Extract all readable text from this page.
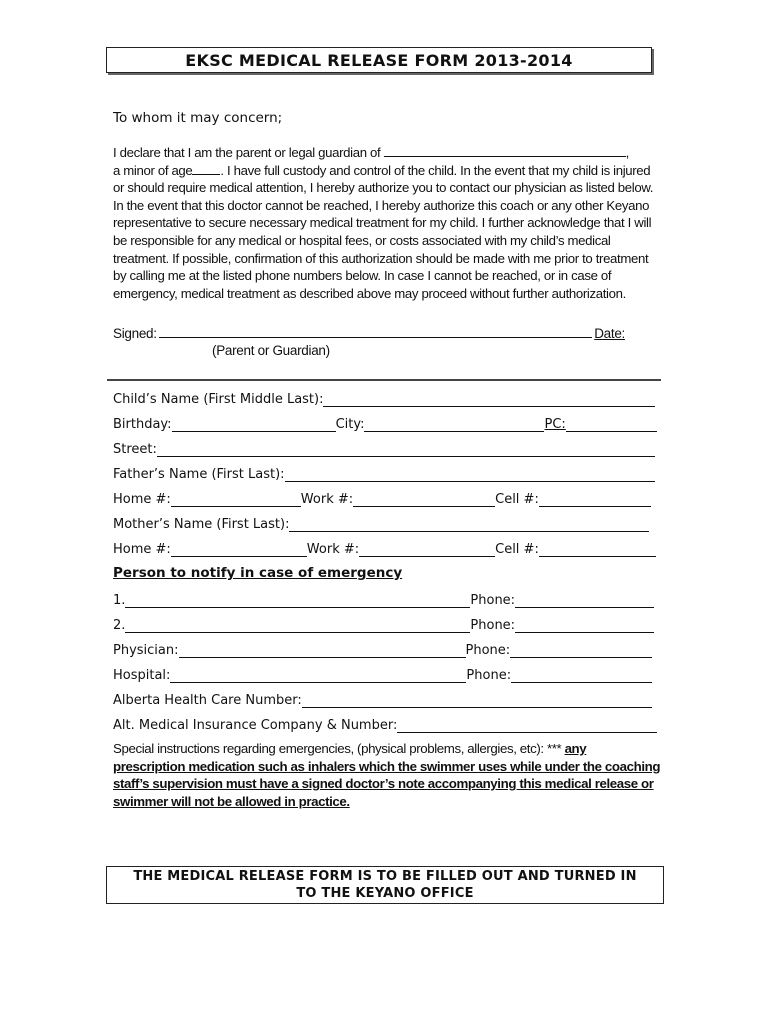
EKSC MEDICAL RELEASE FORM 2013-2014
To whom it may concern;
I declare that I am the parent or legal guardian of	,
a minor of age . I have full custody and control of the child. In the event that my child is injured or should require medical attention, I hereby authorize you to contact our physician as listed below. In the event that this doctor cannot be reached, I hereby authorize this coach or any other Keyano representative to secure necessary medical treatment for my child. I further acknowledge that I will be responsible for any medical or hospital fees, or costs associated with my child’s medical treatment. If possible, confirmation of this authorization should be made with me prior to treatment by calling me at the listed phone numbers below. In case I cannot be reached, or in case of emergency, medical treatment as described above may proceed without further authorization.
Signed:	Date:
(Parent or Guardian)
Child’s Name (First Middle Last):
Birthday:	City:	PC:
Street:
Father’s Name (First Last):
Home #:	Work #:	Cell #:
Mother’s Name (First Last):
Home #:	Work #:	Cell #:
Person to notify in case of emergency
1.	Phone:
2.	Phone:
Physician:	Phone:
Hospital:	Phone:
Alberta Health Care Number:
Alt. Medical Insurance Company & Number:
Special instructions regarding emergencies, (physical problems, allergies, etc): *** any prescription medication such as inhalers which the swimmer uses while under the coaching staff’s supervision must have a signed doctor’s note accompanying this medical release or swimmer will not be allowed in practice.
THE MEDICAL RELEASE FORM IS TO BE FILLED OUT AND TURNED IN
TO THE KEYANO OFFICE
